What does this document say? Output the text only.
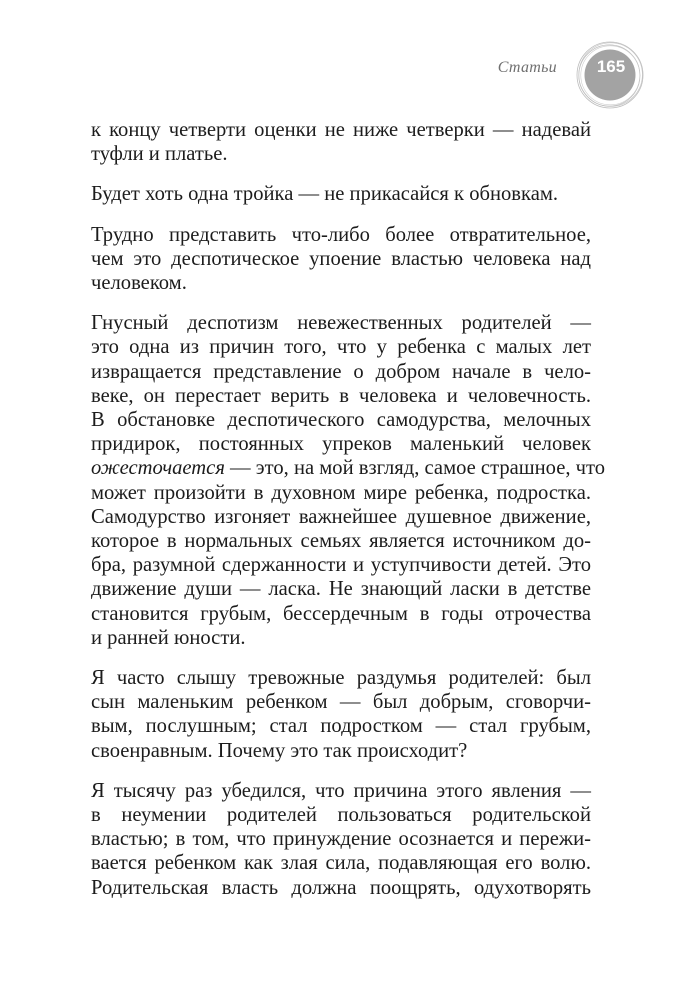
Статьи	165

к концу четверти оценки не ниже четверки — надевай
туфли и платье.

Будет хоть одна тройка — не прикасайся к обновкам.

Трудно представить что-либо более отвратительное,
чем это деспотическое упоение властью человека над
человеком.

Гнусный деспотизм невежественных родителей —
это одна из причин того, что у ребенка с малых лет
извращается представление о добром начале в чело-
веке, он перестает верить в человека и человечность.
В обстановке деспотического самодурства, мелочных
придирок, постоянных упреков маленький человек
ожесточается — это, на мой взгляд, самое страшное, что
может произойти в духовном мире ребенка, подростка.
Самодурство изгоняет важнейшее душевное движение,
которое в нормальных семьях является источником до-
бра, разумной сдержанности и уступчивости детей. Это
движение души — ласка. Не знающий ласки в детстве
становится грубым, бессердечным в годы отрочества
и ранней юности.

Я часто слышу тревожные раздумья родителей: был
сын маленьким ребенком — был добрым, сговорчи-
вым, послушным; стал подростком — стал грубым,
своенравным. Почему это так происходит?

Я тысячу раз убедился, что причина этого явления —
в неумении родителей пользоваться родительской
властью; в том, что принуждение осознается и пережи-
вается ребенком как злая сила, подавляющая его волю.
Родительская власть должна поощрять, одухотворять
